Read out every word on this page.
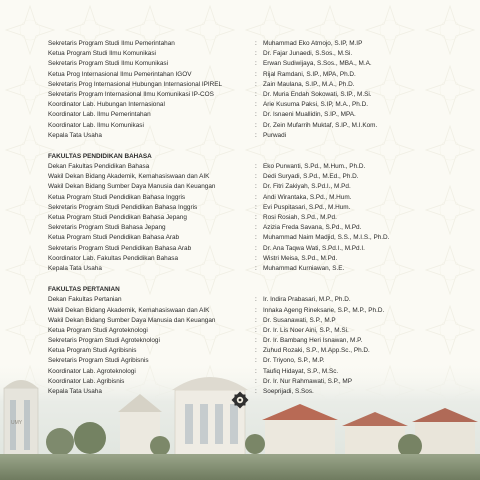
UMY
Sekretaris Program Studi Ilmu Pemerintahan	: Muhammad Eko Atmojo, S.IP, M.IP
Ketua Program Studi Ilmu Komunikasi	: Dr. Fajar Junaedi, S.Sos., M.Si.
Sekretaris Program Studi Ilmu Komunikasi	: Erwan Sudiwijaya, S.Sos., MBA., M.A.
Ketua Prog Internasional Ilmu Pemerintahan IGOV	: Rijal Ramdani, S.IP., MPA, Ph.D.
Sekretaris Prog Internasional Hubungan Internasional IPIREL	: Zain Maulana, S.IP., M.A., Ph.D.
Sekretaris Program Internasional Ilmu Komunikasi IP-COS	: Dr. Muria Endah Sokowati, S.IP., M.Si.
Koordinator Lab. Hubungan Internasional	: Arie Kusuma Paksi, S.IP, M.A., Ph.D.
Koordinator Lab. Ilmu Pemerintahan	: Dr. Isnaeni Muallidin, S.IP., MPA.
Koordinator Lab. Ilmu Komunikasi	: Dr. Zein Mufarrih Muktaf, S.IP., M.I.Kom.
Kepala Tata Usaha	: Purwadi
FAKULTAS PENDIDIKAN BAHASA
Dekan Fakultas Pendidikan Bahasa	: Eko Purwanti, S.Pd., M.Hum., Ph.D.
Wakil Dekan Bidang Akademik, Kemahasiswaan dan AIK	: Dedi Suryadi, S.Pd., M.Ed., Ph.D.
Wakil Dekan Bidang Sumber Daya Manusia dan Keuangan	: Dr. Fitri Zakiyah, S.Pd.I., M.Pd.
Ketua Program Studi Pendidikan Bahasa Inggris	: Andi Wirantaka, S.Pd., M.Hum.
Sekretaris Program Studi Pendidikan Bahasa Inggris	: Evi Puspitasari, S.Pd., M.Hum.
Ketua Program Studi Pendidikan Bahasa Jepang	: Rosi Rosiah, S.Pd., M.Pd.
Sekretaris Program Studi Bahasa Jepang	: Azizia Freda Savana, S.Pd., M.Pd.
Ketua Program Studi Pendidikan Bahasa Arab	: Muhammad Naim Madjid, S.S., M.I.S., Ph.D.
Sekretaris Program Studi Pendidikan Bahasa Arab	: Dr. Ana Taqwa Wati, S.Pd.I., M.Pd.I.
Koordinator Lab. Fakultas Pendidikan Bahasa	: Wistri Meisa, S.Pd., M.Pd.
Kepala Tata Usaha	: Muhammad Kurniawan, S.E.
FAKULTAS PERTANIAN
Dekan Fakultas Pertanian	: Ir. Indira Prabasari, M.P., Ph.D.
Wakil Dekan Bidang Akademik, Kemahasiswaan dan AIK	: Innaka Ageng Rineksane, S.P., M.P., Ph.D.
Wakil Dekan Bidang Sumber Daya Manusia dan Keuangan	: Dr. Susanawati, S.P., M.P
Ketua Program Studi Agroteknologi	: Dr. Ir. Lis Noer Aini, S.P., M.Si.
Sekretaris Program Studi Agroteknologi	: Dr. Ir. Bambang Heri Isnawan, M.P.
Ketua Program Studi Agribisnis	: Zuhud Rozaki, S.P., M.App.Sc., Ph.D.
Sekretaris Program Studi Agribisnis	: Dr. Triyono, S.P., M.P.
Koordinator Lab. Agroteknologi	: Taufiq Hidayat, S.P., M.Sc.
Koordinator Lab. Agribisnis	: Dr. Ir. Nur Rahmawati, S.P., MP
Kepala Tata Usaha	: Soeprijadi, S.Sos.
